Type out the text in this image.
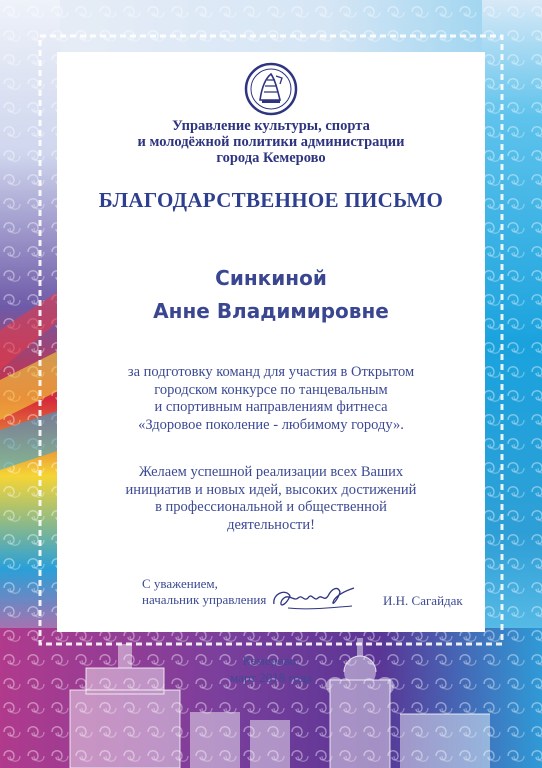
Управление культуры, спорта
и молодёжной политики администрации
города Кемерово
БЛАГОДАРСТВЕННОЕ ПИСЬМО
Синкиной
Анне Владимировне
за подготовку команд для участия в Открытом
городском конкурсе по танцевальным
и спортивным направлениям фитнеса
«Здоровое поколение - любимому городу».
Желаем успешной реализации всех Ваших
инициатив и новых идей, высоких достижений
в профессиональной и общественной
деятельности!
С уважением,
начальник управления	И.Н. Сагайдак
Кемерово,
март 2018 года
